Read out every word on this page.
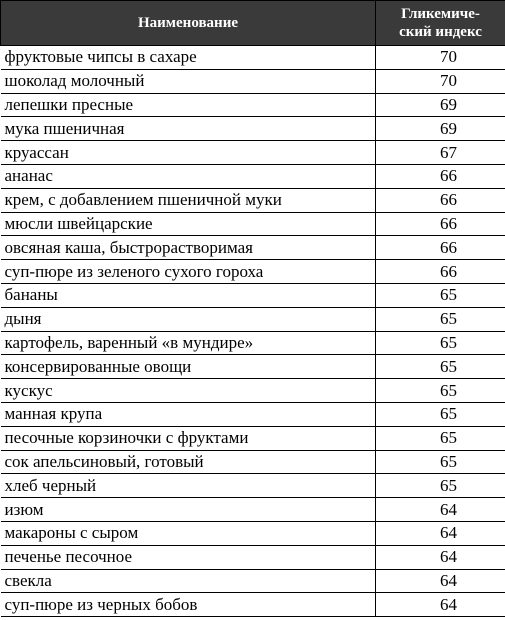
Наименование	Гликемиче-
ский индекс
фруктовые чипсы в сахаре	70
шоколад молочный	70
лепешки пресные	69
мука пшеничная	69
круассан	67
ананас	66
крем, с добавлением пшеничной муки	66
мюсли швейцарские	66
овсяная каша, быстрорастворимая	66
суп-пюре из зеленого сухого гороха	66
бананы	65
дыня	65
картофель, варенный «в мундире»	65
консервированные овощи	65
кускус	65
манная крупа	65
песочные корзиночки с фруктами	65
сок апельсиновый, готовый	65
хлеб черный	65
изюм	64
макароны с сыром	64
печенье песочное	64
свекла	64
суп-пюре из черных бобов	64
